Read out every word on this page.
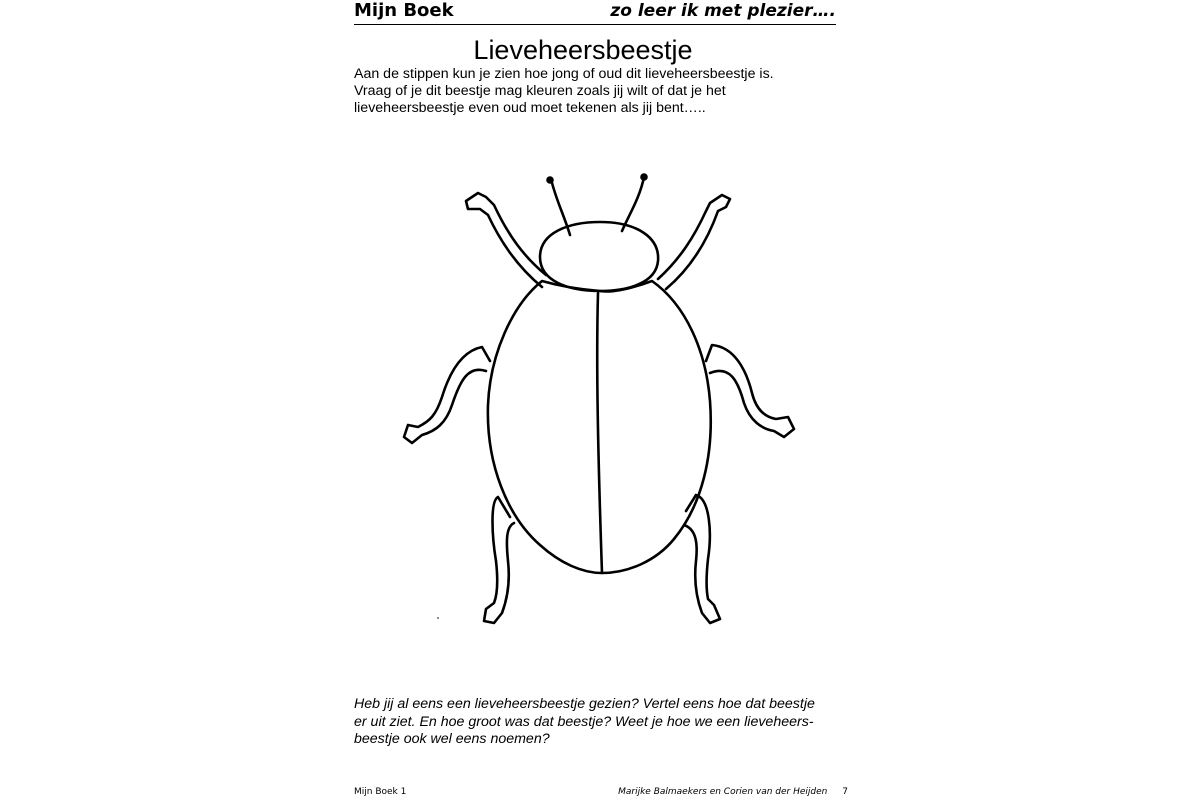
Mijn Boek	zo leer ik met plezier….
Lieveheersbeestje

Aan de stippen kun je zien hoe jong of oud dit lieveheersbeestje is.

Vraag of je dit beestje mag kleuren zoals jij wilt of dat je het

lieveheersbeestje even oud moet tekenen als jij bent…..

Heb jij al eens een lieveheersbeestje gezien? Vertel eens hoe dat beestje

er uit ziet. En hoe groot was dat beestje? Weet je hoe we een lieveheers-

beestje ook wel eens noemen?

Mijn Boek 1	Marijke Balmaekers en Corien van der Heijden 7
